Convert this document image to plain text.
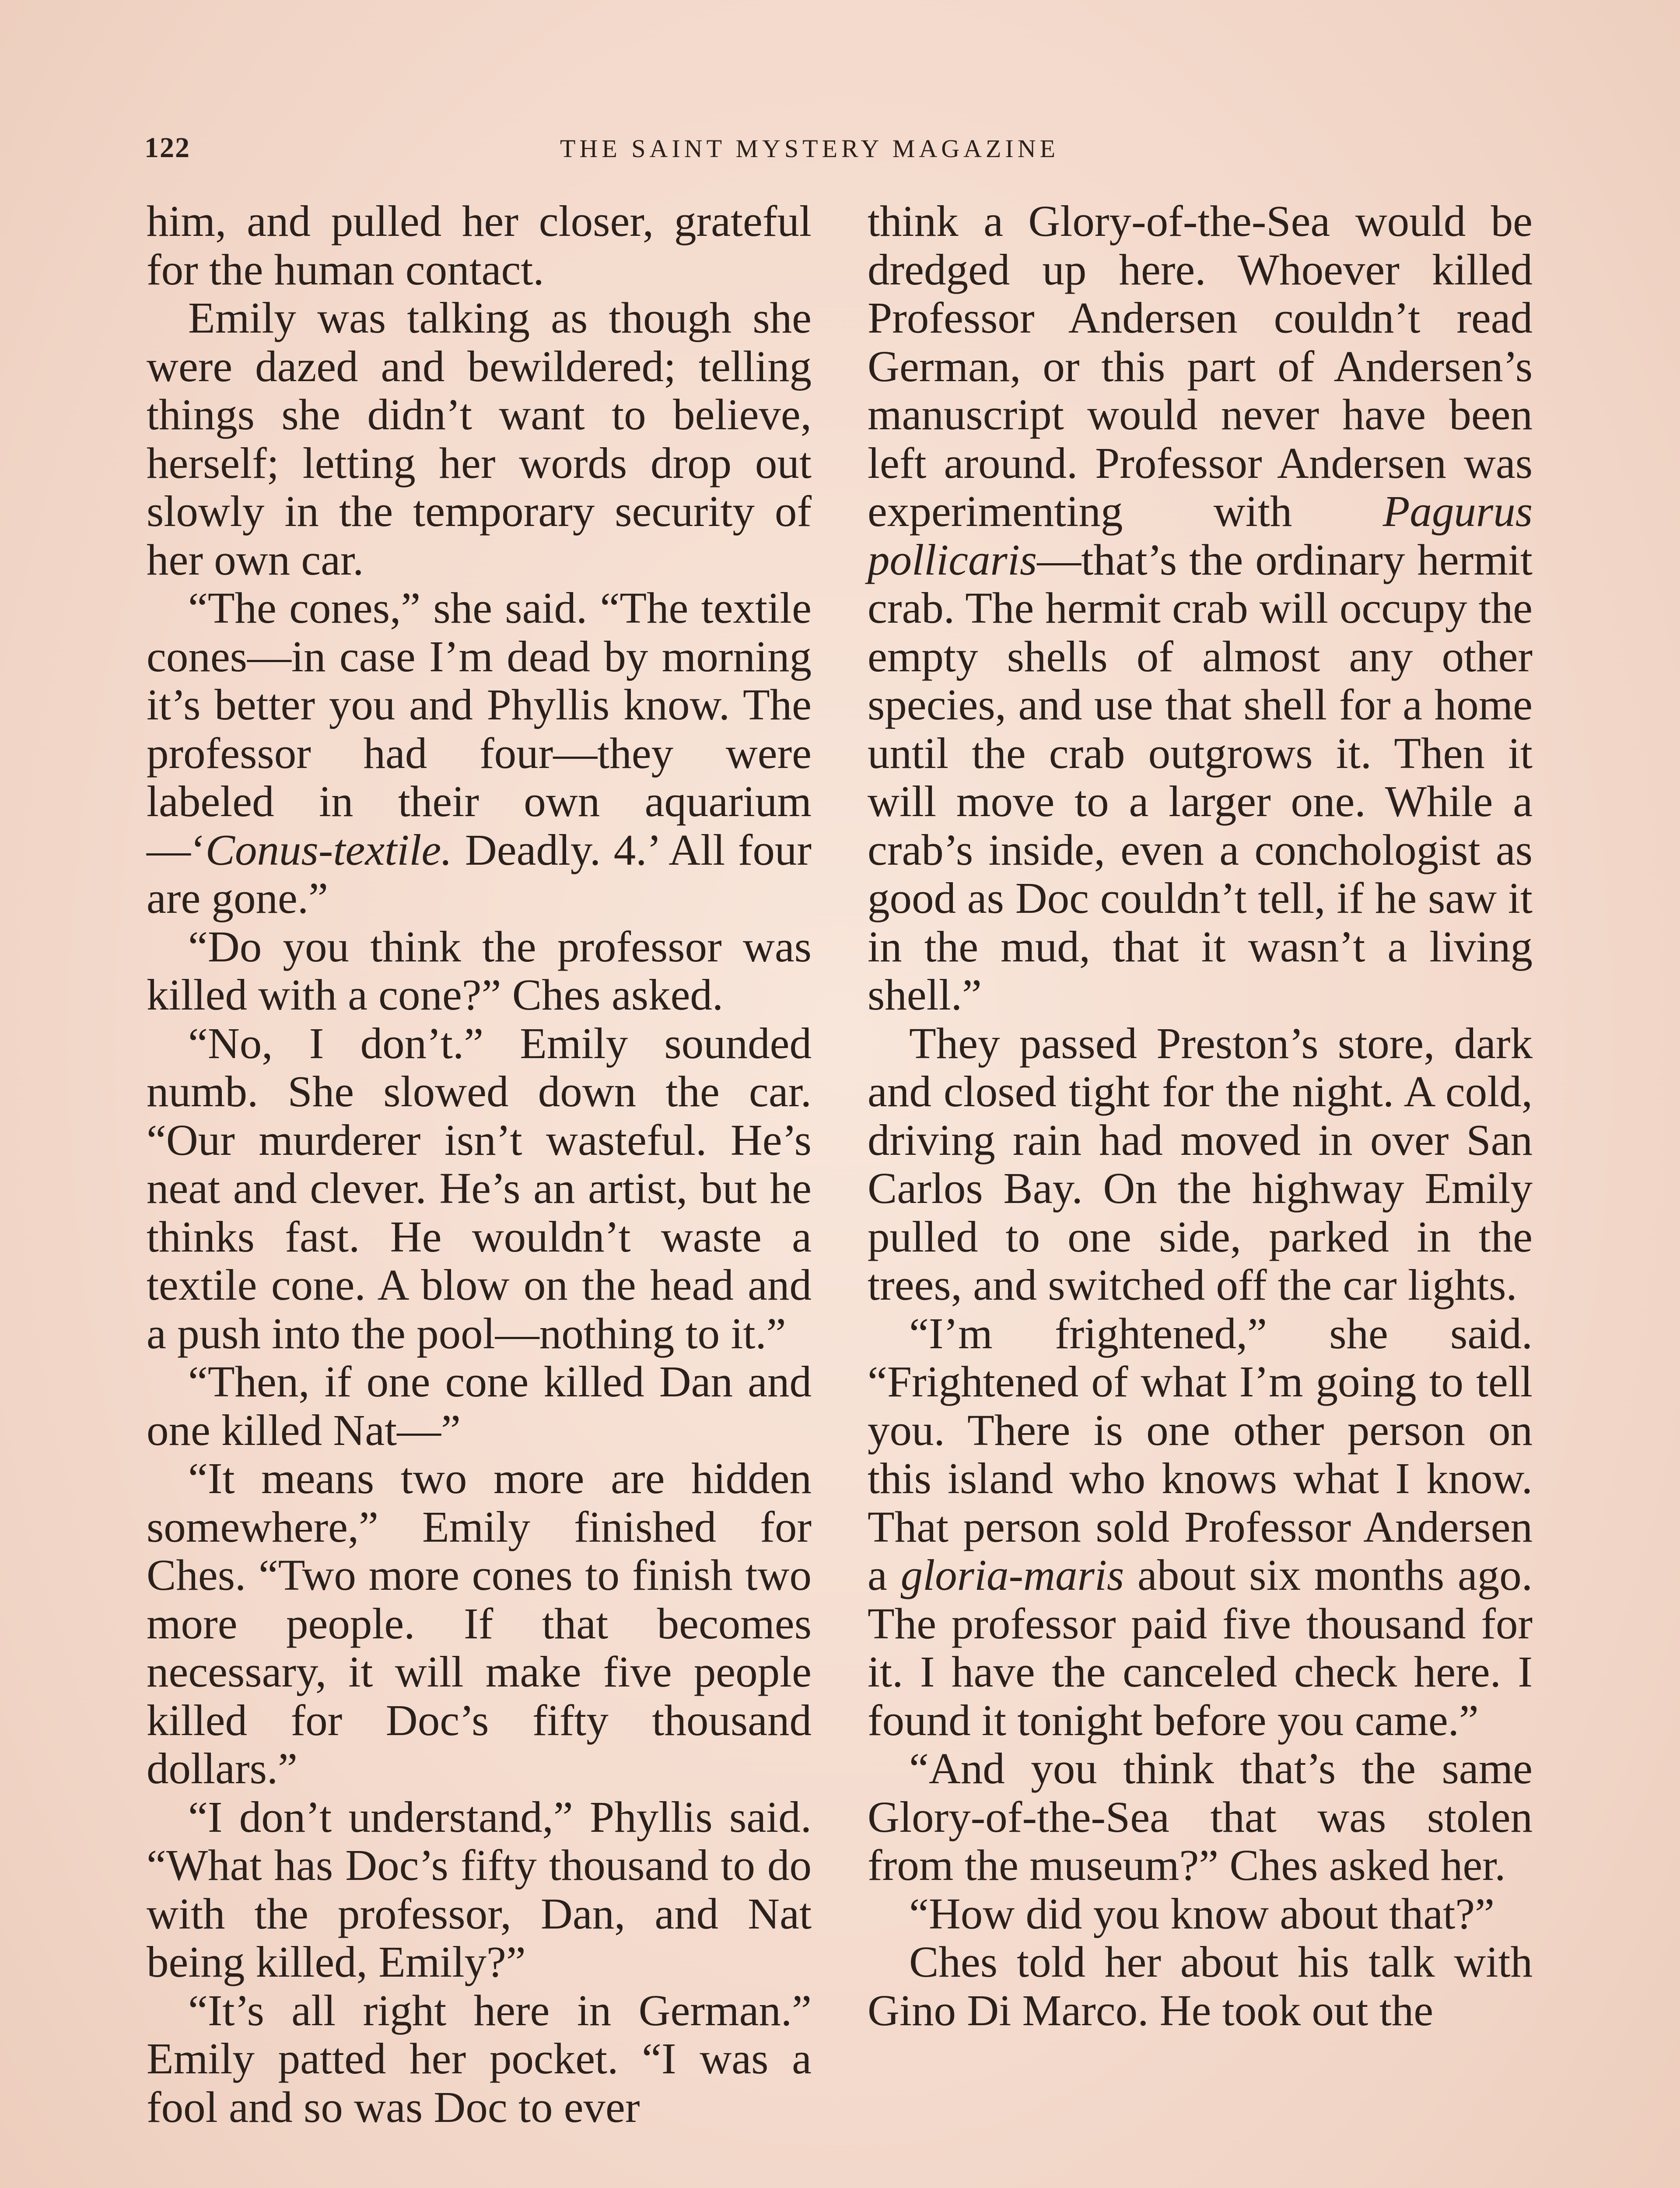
122	THE SAINT MYSTERY MAGAZINE

him, and pulled her closer, grateful for the human contact.

Emily was talking as though she were dazed and bewildered; telling things she didn’t want to believe, herself; letting her words drop out slowly in the temporary security of her own car.

“The cones,” she said. “The textile cones—in case I’m dead by morning it’s better you and Phyllis know. The professor had four—they were labeled in their own aquarium—‘Conus-textile. Deadly. 4.’ All four are gone.”

“Do you think the professor was killed with a cone?” Ches asked.

“No, I don’t.” Emily sounded numb. She slowed down the car. “Our murderer isn’t wasteful. He’s neat and clever. He’s an artist, but he thinks fast. He wouldn’t waste a textile cone. A blow on the head and a push into the pool—nothing to it.”

“Then, if one cone killed Dan and one killed Nat—”

“It means two more are hidden somewhere,” Emily finished for Ches. “Two more cones to finish two more people. If that becomes necessary, it will make five people killed for Doc’s fifty thousand dollars.”

“I don’t understand,” Phyllis said. “What has Doc’s fifty thousand to do with the professor, Dan, and Nat being killed, Emily?”

“It’s all right here in German.” Emily patted her pocket. “I was a fool and so was Doc to ever

think a Glory-of-the-Sea would be dredged up here. Whoever killed Professor Andersen couldn’t read German, or this part of Andersen’s manuscript would never have been left around. Professor Andersen was experimenting with Pagurus pollicaris—that’s the ordinary hermit crab. The hermit crab will occupy the empty shells of almost any other species, and use that shell for a home until the crab outgrows it. Then it will move to a larger one. While a crab’s inside, even a conchologist as good as Doc couldn’t tell, if he saw it in the mud, that it wasn’t a living shell.”

They passed Preston’s store, dark and closed tight for the night. A cold, driving rain had moved in over San Carlos Bay. On the highway Emily pulled to one side, parked in the trees, and switched off the car lights.

“I’m frightened,” she said. “Frightened of what I’m going to tell you. There is one other person on this island who knows what I know. That person sold Professor Andersen a gloria-maris about six months ago. The professor paid five thousand for it. I have the canceled check here. I found it tonight before you came.”

“And you think that’s the same Glory-of-the-Sea that was stolen from the museum?” Ches asked her.

“How did you know about that?”

Ches told her about his talk with Gino Di Marco. He took out the
